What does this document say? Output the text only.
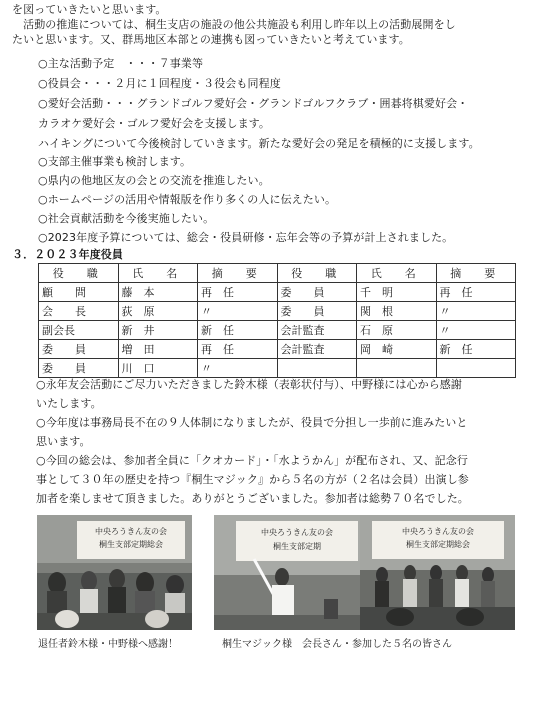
を図っていきたいと思います。
　活動の推進については、桐生支店の施設の他公共施設も利用し昨年以上の活動展開をし
たいと思います。又、群馬地区本部との連携も図っていきたいと考えています。
○主な活動予定　・・・７事業等
○役員会・・・２月に１回程度・３役会も同程度
○愛好会活動・・・グランドゴルフ愛好会・グランドゴルフクラブ・囲碁将棋愛好会・
カラオケ愛好会・ゴルフ愛好会を支援します。
ハイキングについて今後検討していきます。新たな愛好会の発足を積極的に支援します。
○支部主催事業も検討します。
○県内の他地区友の会との交流を推進したい。
○ホームページの活用や情報版を作り多くの人に伝えたい。
○社会貢献活動を今後実施したい。
○2023年度予算については、総会・役員研修・忘年会等の予算が計上されました。
３．２０２３年度役員
役　職	氏　名	摘　要	役　職	氏　名	摘　要
顧　　問	藤　本	再　任	委　　員	千　明	再　任
会　　長	荻　原	〃	委　　員	関　根	〃
副会長	新　井	新　任	会計監査	石　原	〃
委　　員	増　田	再　任	会計監査	岡　崎	新　任
委　　員	川　口	〃			
○永年友会活動にご尽力いただきました鈴木様（表彰状付与）、中野様には心から感謝
いたします。
○今年度は事務局長不在の９人体制になりましたが、役員で分担し一歩前に進みたいと
思います。
○今回の総会は、参加者全員に「クオカード」・「水ようかん」が配布され、又、記念行
事として３０年の歴史を持つ『桐生マジック』から５名の方が（２名は会員）出演し参
加者を楽しませて頂きました。ありがとうございました。参加者は総勢７０名でした。
中央ろうきん友の会
桐生支部定期総会
中央ろうきん友の会
桐生支部定期
中央ろうきん友の会
桐生支部定期総会
退任者鈴木様・中野様へ感謝！	桐生マジック様　会長さん・参加した５名の皆さん
